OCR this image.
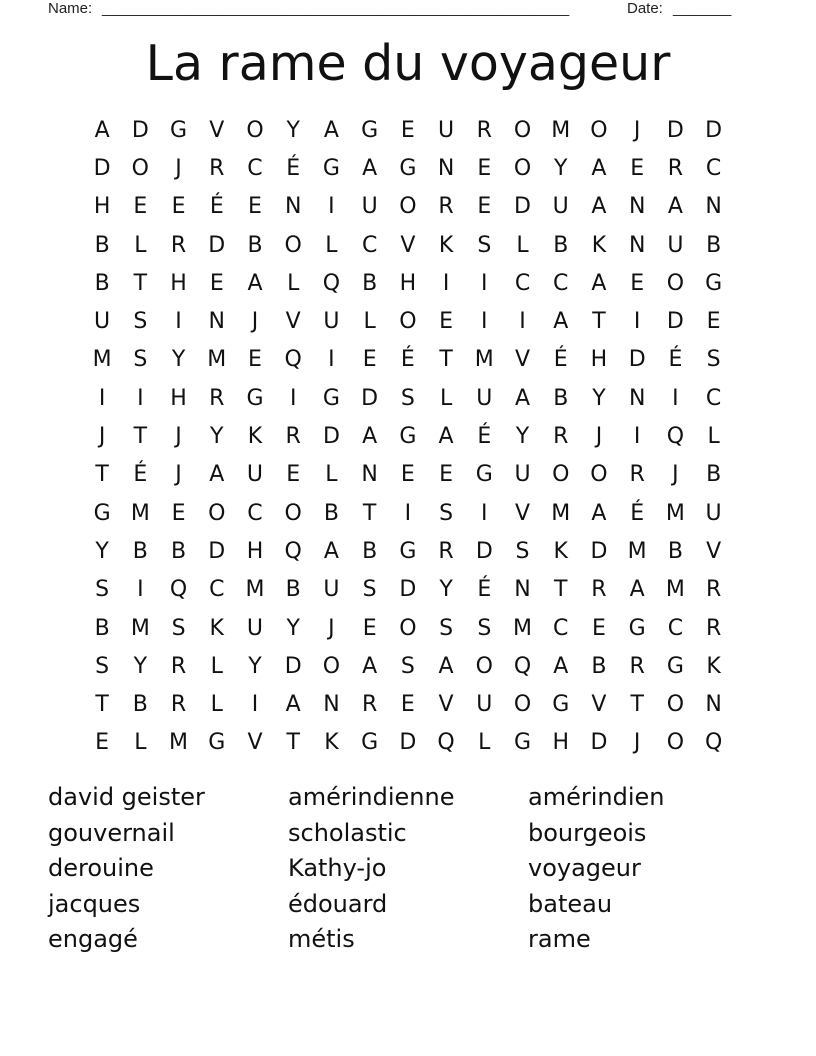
Name: ________________________________________________________	Date: _______
La rame du voyageur
A	D G	V	O	Y	A	G	E	U	R O M O	J	D D
D O	J	R	C	É	G	A	G N	E	O	Y	A	E	R	C
H	E	E	É	E	N	I	U O R	E	D U	A	N	A	N
B	L	R	D	B	O	L	C	V	K	S	L	B	K	N U	B
B	T	H	E	A	L	Q	B	H	I	I	C	C	A	E	O G
U	S	I	N	J	V	U	L	O	E	I	I	A	T	I	D	E
M S	Y	M E	Q	I	E	É	T	M V	É	H D	É	S
I	I	H	R	G	I	G D	S	L	U	A	B	Y	N	I	C
J	T	J	Y	K	R	D	A	G	A	É	Y	R	J	I	Q	L
T	É	J	A	U	E	L	N	E	E	G U O O R	J	B
G M E	O C O	B	T	I	S	I	V M A	É M U
Y	B	B	D H Q	A	B	G	R	D	S	K	D M B	V
S	I	Q C M B	U	S	D	Y	É	N	T	R	A M R
B M S	K	U	Y	J	E	O	S	S M C	E	G	C	R
S	Y	R	L	Y	D O	A	S	A	O Q	A	B	R	G	K
T	B	R	L	I	A	N	R	E	V	U O G	V	T	O N
E	L	M G	V	T	K	G D Q	L	G H D	J	O Q
david geister	amérindienne	amérindien
gouvernail	scholastic	bourgeois
derouine	Kathy-jo	voyageur
jacques	édouard	bateau
engagé	métis	rame
